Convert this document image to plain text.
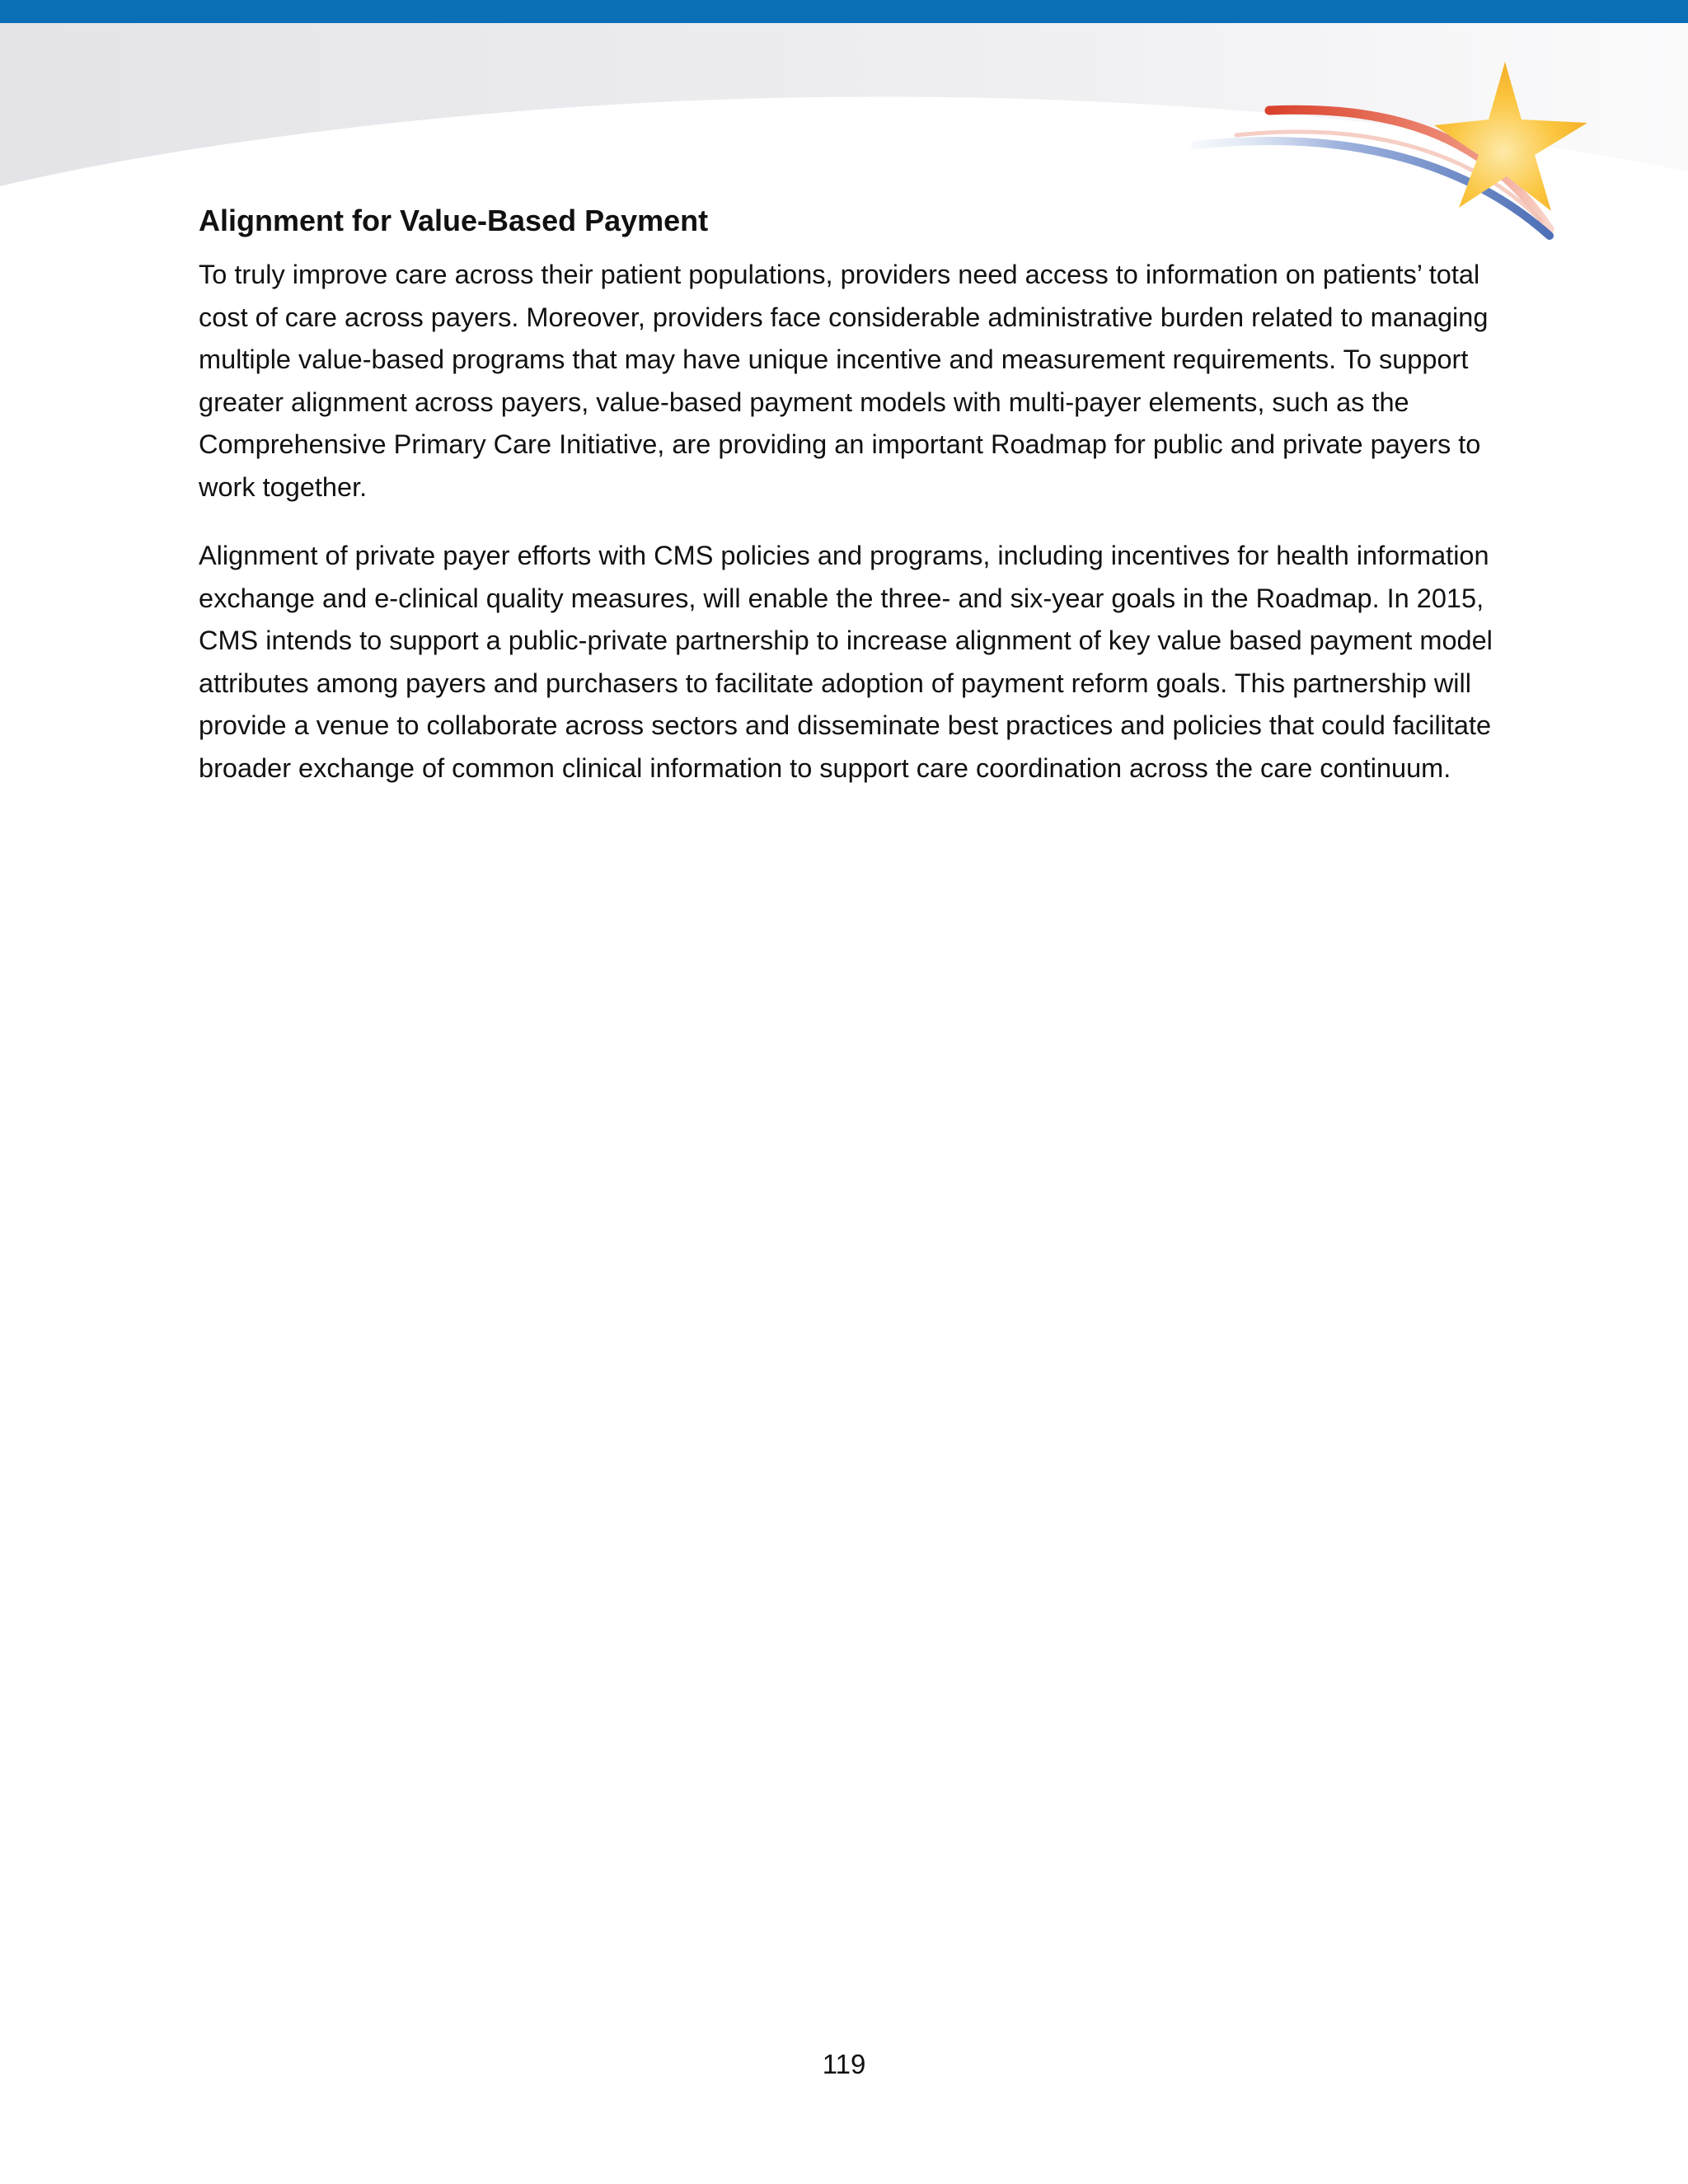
Alignment for Value-Based Payment

To truly improve care across their patient populations, providers need access to information on patients’ total cost of care across payers. Moreover, providers face considerable administrative burden related to managing multiple value-based programs that may have unique incentive and measurement requirements. To support greater alignment across payers, value-based payment models with multi-payer elements, such as the Comprehensive Primary Care Initiative, are providing an important Roadmap for public and private payers to work together.

Alignment of private payer efforts with CMS policies and programs, including incentives for health information exchange and e-clinical quality measures, will enable the three- and six-year goals in the Roadmap. In 2015, CMS intends to support a public-private partnership to increase alignment of key value based payment model attributes among payers and purchasers to facilitate adoption of payment reform goals. This partnership will provide a venue to collaborate across sectors and disseminate best practices and policies that could facilitate broader exchange of common clinical information to support care coordination across the care continuum.

119
